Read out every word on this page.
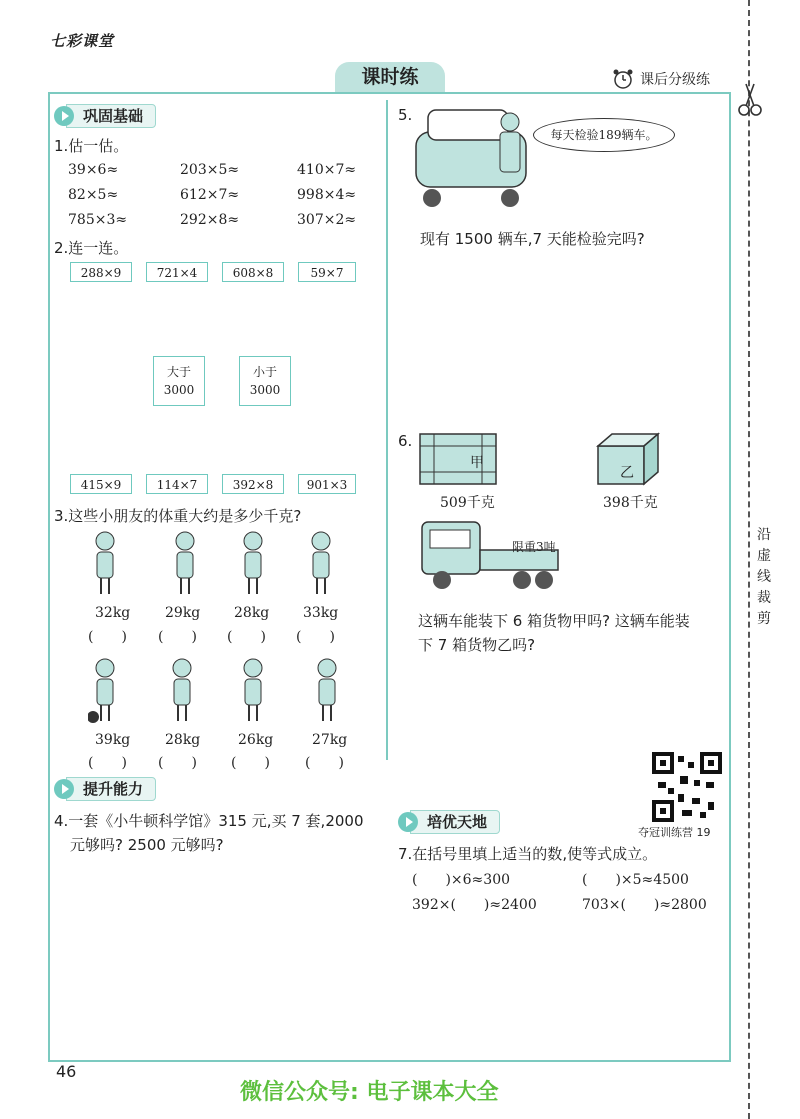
七彩课堂
课时练	课后分级练
沿虚线裁剪
巩固基础
1.估一估。
39×6≈	203×5≈	410×7≈
82×5≈	612×7≈	998×4≈
785×3≈	292×8≈	307×2≈
2.连一连。
288×9	721×4	608×8	59×7
大于
3000
小于
3000
415×9	114×7	392×8	901×3
3.这些小朋友的体重大约是多少千克?
32kg 29kg 28kg 33kg
(　　) (　　) (　　) (　　)
39kg 28kg	26kg	27kg
(　　) (　　) (　　)	(　　)
提升能力
4.一套《小牛顿科学馆》315 元,买 7 套,2000
元够吗? 2500 元够吗?
5.
每天检验189辆车。
现有 1500 辆车,7 天能检验完吗?
6.
甲
509千克
乙
398千克
限重3吨
这辆车能装下 6 箱货物甲吗? 这辆车能装
下 7 箱货物乙吗?
夺冠训练营 19
培优天地
7.在括号里填上适当的数,使等式成立。
(　　)×6≈300	(　　)×5≈4500
392×(　　)≈2400	703×(　　)≈2800
46
微信公众号: 电子课本大全
